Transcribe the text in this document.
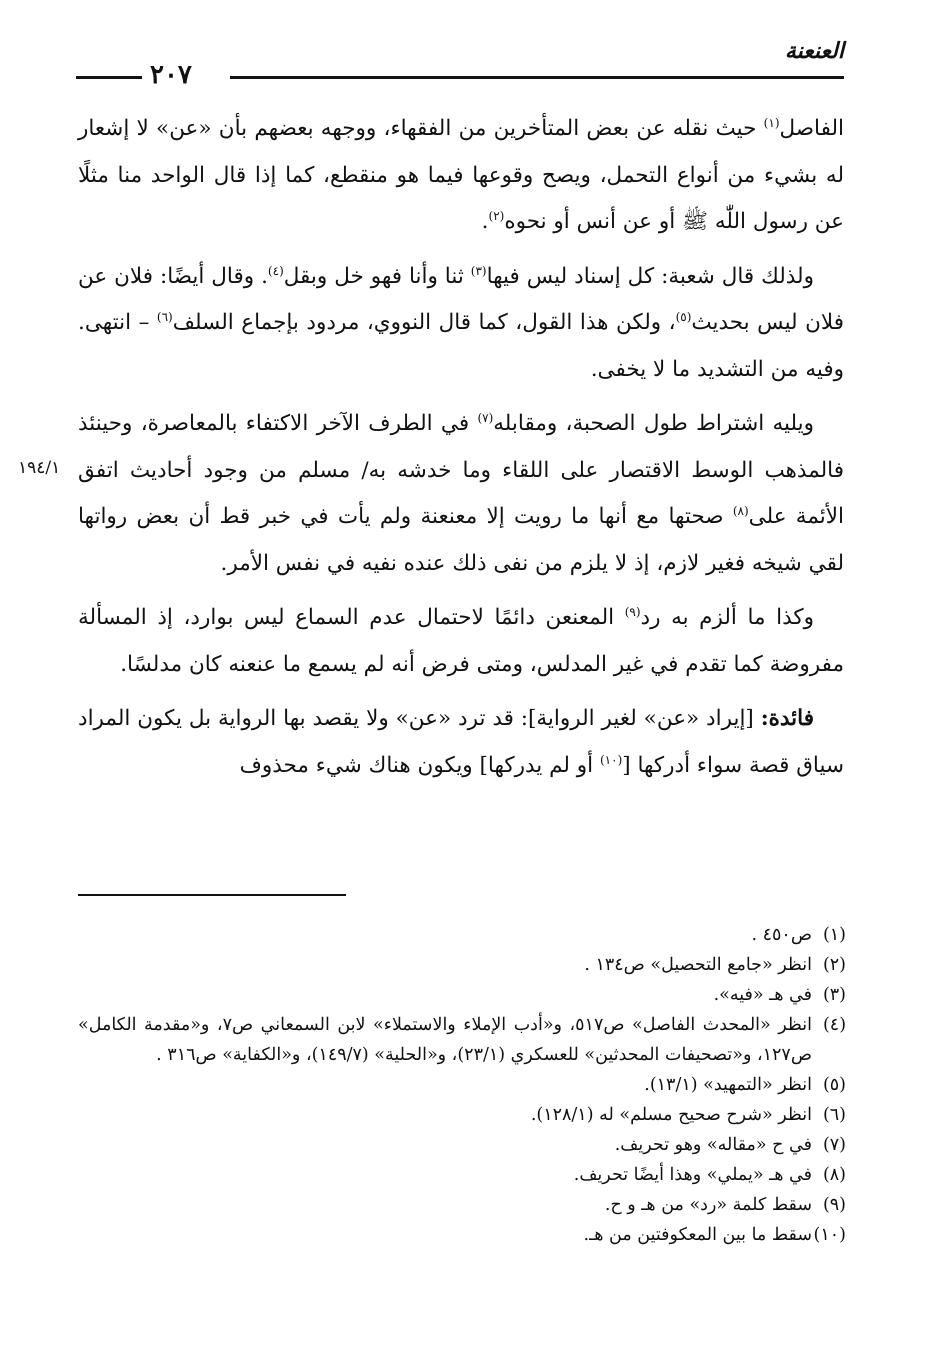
العنعنة
٢٠٧
١٩٤/١

الفاصل$^{(١)}$ حيث نقله عن بعض المتأخرين من الفقهاء، ووجهه بعضهم بأن «عن» لا إشعار له بشيء من أنواع التحمل، ويصح وقوعها فيما هو منقطع، كما إذا قال الواحد منا مثلًا عن رسول اللّٰه ﷺ أو عن أنس أو نحوه$^{(٢)}$.

ولذلك قال شعبة: كل إسناد ليس فيها$^{(٣)}$ ثنا وأنا فهو خل وبقل$^{(٤)}$. وقال أيضًا: فلان عن فلان ليس بحديث$^{(٥)}$، ولكن هذا القول، كما قال النووي، مردود بإجماع السلف$^{(٦)}$ – انتهى. وفيه من التشديد ما لا يخفى.

ويليه اشتراط طول الصحبة، ومقابله$^{(٧)}$ في الطرف الآخر الاكتفاء بالمعاصرة، وحينئذ فالمذهب الوسط الاقتصار على اللقاء وما خدشه به/ مسلم من وجود أحاديث اتفق الأئمة على$^{(٨)}$ صحتها مع أنها ما رويت إلا معنعنة ولم يأت في خبر قط أن بعض رواتها لقي شيخه فغير لازم، إذ لا يلزم من نفى ذلك عنده نفيه في نفس الأمر.

وكذا ما ألزم به رد$^{(٩)}$ المعنعن دائمًا لاحتمال عدم السماع ليس بوارد، إذ المسألة مفروضة كما تقدم في غير المدلس، ومتى فرض أنه لم يسمع ما عنعنه كان مدلسًا.

فائدة: [إيراد «عن» لغير الرواية]: قد ترد «عن» ولا يقصد بها الرواية بل يكون المراد سياق قصة سواء أدركها [$^{(١٠)}$ أو لم يدركها] ويكون هناك شيء محذوف

(١)ص٤٥٠ .

(٢)انظر «جامع التحصيل» ص١٣٤ .

(٣)في هـ «فيه».

(٤)انظر «المحدث الفاصل» ص٥١٧، و«أدب الإملاء والاستملاء» لابن السمعاني ص٧، و«مقدمة الكامل» ص١٢٧، و«تصحيفات المحدثين» للعسكري (٢٣/١)، و«الحلية» (١٤٩/٧)، و«الكفاية» ص٣١٦ .

(٥)انظر «التمهيد» (١٣/١).

(٦)انظر «شرح صحيح مسلم» له (١٢٨/١).

(٧)في ح «مقاله» وهو تحريف.

(٨)في هـ «يملي» وهذا أيضًا تحريف.

(٩)سقط كلمة «رد» من هـ و ح.

(١٠)سقط ما بين المعكوفتين من هـ.
